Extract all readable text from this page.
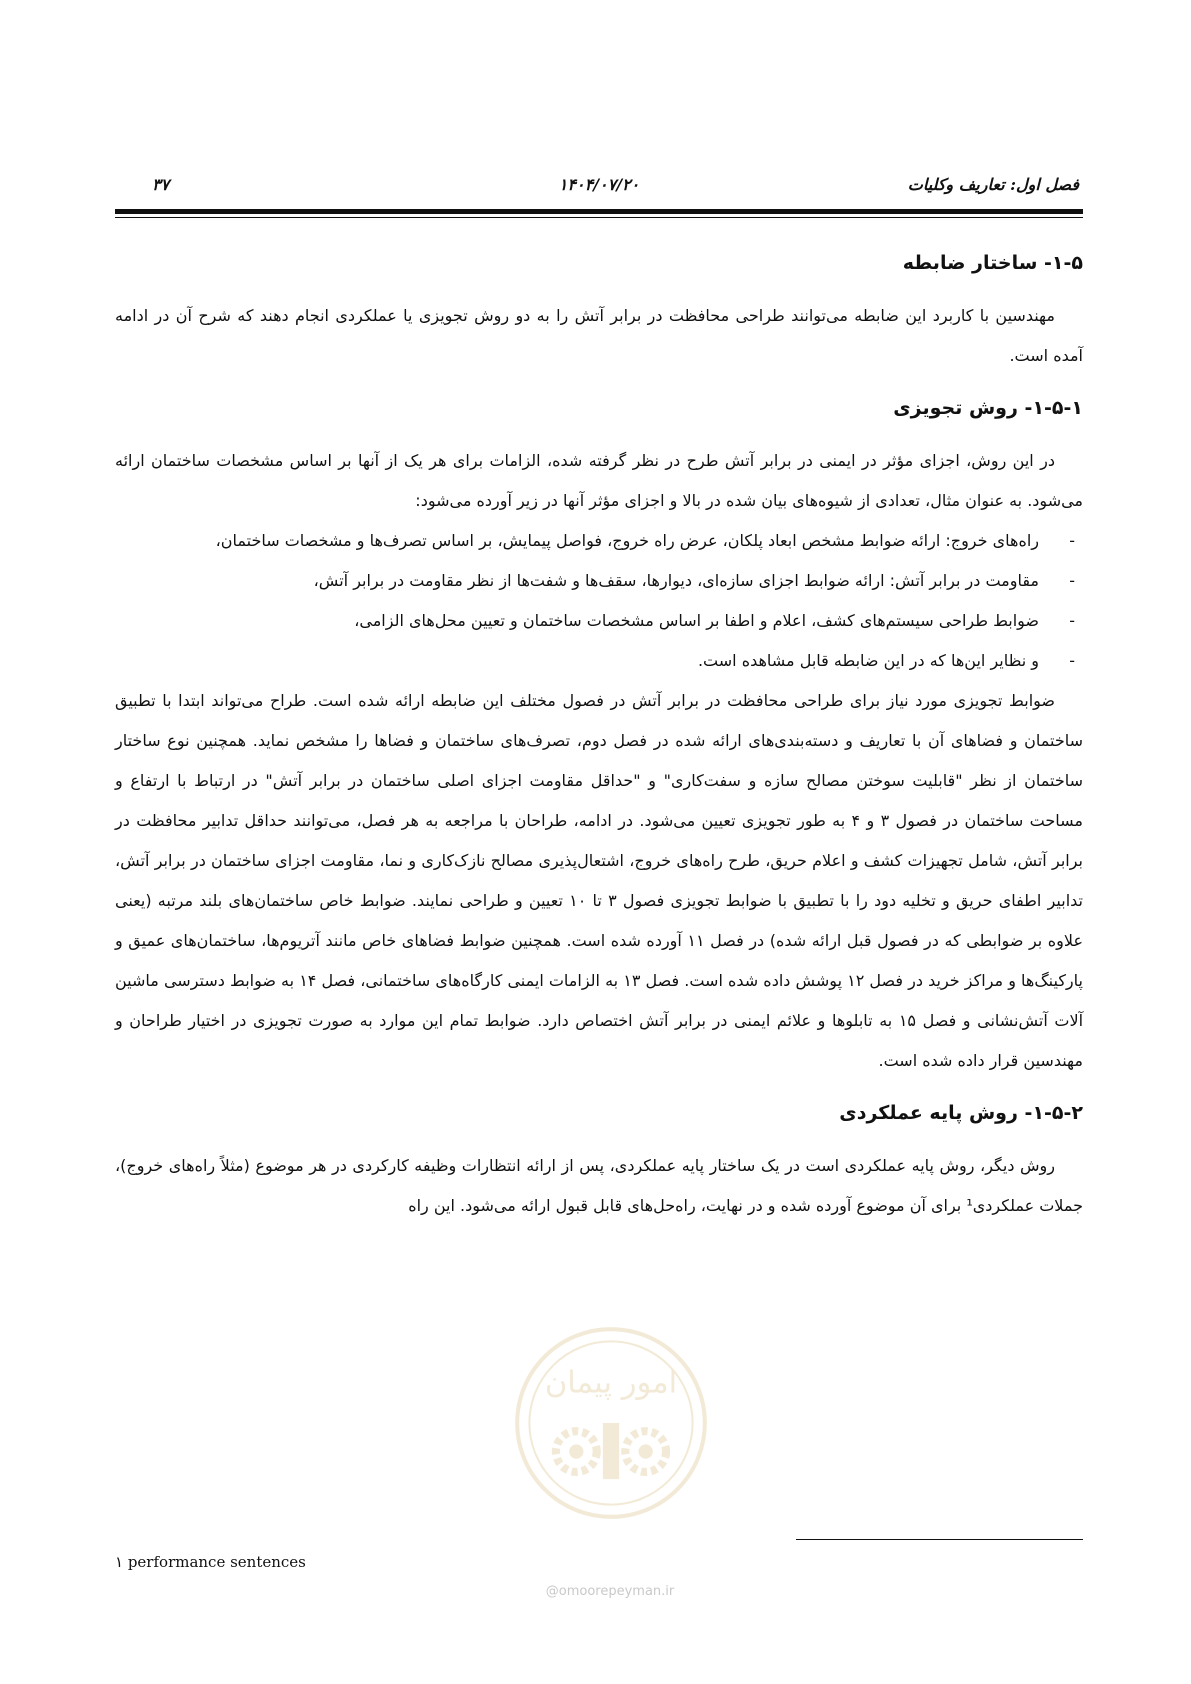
فصل اول: تعاریف وکلیات
۱۴۰۴/۰۷/۲۰
۳۷
۱-۵- ساختار ضابطه

مهندسین با کاربرد این ضابطه می‌توانند طراحی محافظت در برابر آتش را به دو روش تجویزی یا عملکردی انجام دهند که شرح آن در ادامه آمده است.

۱-۵-۱- روش تجویزی

در این روش، اجزای مؤثر در ایمنی در برابر آتش طرح در نظر گرفته شده، الزامات برای هر یک از آنها بر اساس مشخصات ساختمان ارائه می‌شود. به عنوان مثال، تعدادی از شیوه‌های بیان شده در بالا و اجزای مؤثر آنها در زیر آورده می‌شود:

-
راه‌های خروج: ارائه ضوابط مشخص ابعاد پلکان، عرض راه خروج، فواصل پیمایش، بر اساس تصرف‌ها و مشخصات ساختمان،
-
مقاومت در برابر آتش: ارائه ضوابط اجزای سازه‌ای، دیوارها، سقف‌ها و شفت‌ها از نظر مقاومت در برابر آتش،
-
ضوابط طراحی سیستم‌های کشف، اعلام و اطفا بر اساس مشخصات ساختمان و تعیین محل‌های الزامی،
-
و نظایر این‌ها که در این ضابطه قابل مشاهده است.

ضوابط تجویزی مورد نیاز برای طراحی محافظت در برابر آتش در فصول مختلف این ضابطه ارائه شده است. طراح می‌تواند ابتدا با تطبیق ساختمان و فضاهای آن با تعاریف و دسته‌بندی‌های ارائه شده در فصل دوم، تصرف‌های ساختمان و فضاها را مشخص نماید. همچنین نوع ساختار ساختمان از نظر "قابلیت سوختن مصالح سازه و سفت‌کاری" و "حداقل مقاومت اجزای اصلی ساختمان در برابر آتش" در ارتباط با ارتفاع و مساحت ساختمان در فصول ۳ و ۴ به طور تجویزی تعیین می‌شود. در ادامه، طراحان با مراجعه به هر فصل، می‌توانند حداقل تدابیر محافظت در برابر آتش، شامل تجهیزات کشف و اعلام حریق، طرح راه‌های خروج، اشتعال‌پذیری مصالح نازک‌کاری و نما، مقاومت اجزای ساختمان در برابر آتش، تدابیر اطفای حریق و تخلیه دود را با تطبیق با ضوابط تجویزی فصول ۳ تا ۱۰ تعیین و طراحی نمایند. ضوابط خاص ساختمان‌های بلند مرتبه (یعنی علاوه بر ضوابطی که در فصول قبل ارائه شده) در فصل ۱۱ آورده شده است. همچنین ضوابط فضاهای خاص مانند آتریوم‌ها، ساختمان‌های عمیق و پارکینگ‌ها و مراکز خرید در فصل ۱۲ پوشش داده شده است. فصل ۱۳ به الزامات ایمنی کارگاه‌های ساختمانی، فصل ۱۴ به ضوابط دسترسی ماشین آلات آتش‌نشانی و فصل ۱۵ به تابلوها و علائم ایمنی در برابر آتش اختصاص دارد. ضوابط تمام این موارد به صورت تجویزی در اختیار طراحان و مهندسین قرار داده شده است.

۱-۵-۲- روش پایه عملکردی

روش دیگر، روش پایه عملکردی است در یک ساختار پایه عملکردی، پس از ارائه انتظارات وظیفه کارکردی در هر موضوع (مثلاً راه‌های خروج)، جملات عملکردی¹ برای آن موضوع آورده شده و در نهایت، راه‌حل‌های قابل قبول ارائه می‌شود. این راه

امور پیمان
@omoorepeyman.ir
١ performance sentences
